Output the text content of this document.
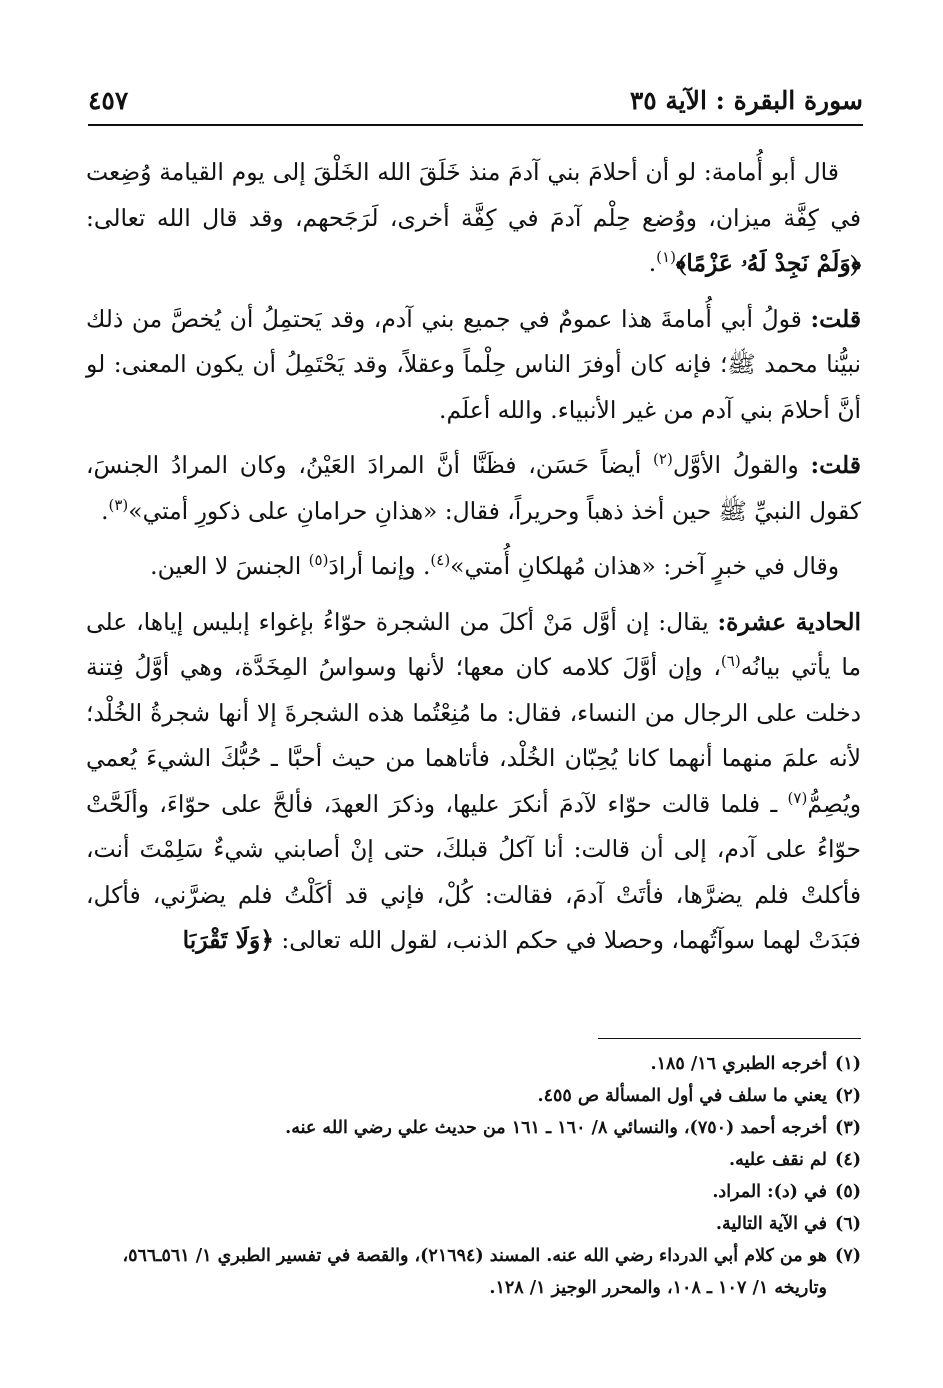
سورة البقرة : الآية ٣٥
٤٥٧

قال أبو أُمامة: لو أن أحلامَ بني آدمَ منذ خَلَقَ الله الخَلْقَ إلى يوم القيامة وُضِعت في كِفَّة ميزان، ووُضع حِلْم آدمَ في كِفَّة أخرى، لَرَجَحهم، وقد قال الله تعالى: ﴿وَلَمْ نَجِدْ لَهُۥ عَزْمًا﴾$^{(١)}$.

قلت: قولُ أبي أُمامةَ هذا عمومٌ في جميع بني آدم، وقد يَحتمِلُ أن يُخصَّ من ذلك نبيُّنا محمد ﷺ؛ فإنه كان أوفرَ الناس حِلْماً وعقلاً، وقد يَحْتَمِلُ أن يكون المعنى: لو أنَّ أحلامَ بني آدم من غير الأنبياء. والله أعلَم.

قلت: والقولُ الأوَّل$^{(٢)}$ أيضاً حَسَن، فظَنَّا أنَّ المرادَ العَيْنُ، وكان المرادُ الجنسَ، كقول النبيِّ ﷺ حين أخذ ذهباً وحريراً، فقال: «هذانِ حرامانِ على ذكورِ أمتي»$^{(٣)}$.

وقال في خبرٍ آخر: «هذان مُهلكانِ أُمتي»$^{(٤)}$. وإنما أرادَ$^{(٥)}$ الجنسَ لا العين.

الحادية عشرة: يقال: إن أوَّل مَنْ أكلَ من الشجرة حوّاءُ بإغواء إبليس إياها، على ما يأتي بيانُه$^{(٦)}$، وإن أوَّلَ كلامه كان معها؛ لأنها وسواسُ المِخَدَّة، وهي أوَّلُ فِتنة دخلت على الرجال من النساء، فقال: ما مُنِعْتُما هذه الشجرةَ إلا أنها شجرةُ الخُلْد؛ لأنه علمَ منهما أنهما كانا يُحِبّان الخُلْد، فأتاهما من حيث أحبَّا ـ حُبُّكَ الشيءَ يُعمي ويُصِمُّ$^{(٧)}$ ـ فلما قالت حوّاء لآدمَ أنكرَ عليها، وذكرَ العهدَ، فألحَّ على حوّاءَ، وألَحَّتْ حوّاءُ على آدم، إلى أن قالت: أنا آكلُ قبلكَ، حتى إنْ أصابني شيءٌ سَلِمْتَ أنت، فأكلتْ فلم يضرَّها، فأتَتْ آدمَ، فقالت: كُلْ، فإني قد أكَلْتُ فلم يضرَّني، فأكل، فبَدَتْ لهما سوآتُهما، وحصلا في حكم الذنب، لقول الله تعالى: ﴿وَلَا تَقْرَبَا

(١)
أخرجه الطبري ١٦/ ١٨٥.
(٢)
يعني ما سلف في أول المسألة ص ٤٥٥.
(٣)
أخرجه أحمد (٧٥٠)، والنسائي ٨/ ١٦٠ ـ ١٦١ من حديث علي رضي الله عنه.
(٤)
لم نقف عليه.
(٥)
في (د): المراد.
(٦)
في الآية التالية.
(٧)
هو من كلام أبي الدرداء رضي الله عنه. المسند (٢١٦٩٤)، والقصة في تفسير الطبري ١/ ٥٦١ـ٥٦٦، وتاريخه ١/ ١٠٧ ـ ١٠٨، والمحرر الوجيز ١/ ١٢٨.
